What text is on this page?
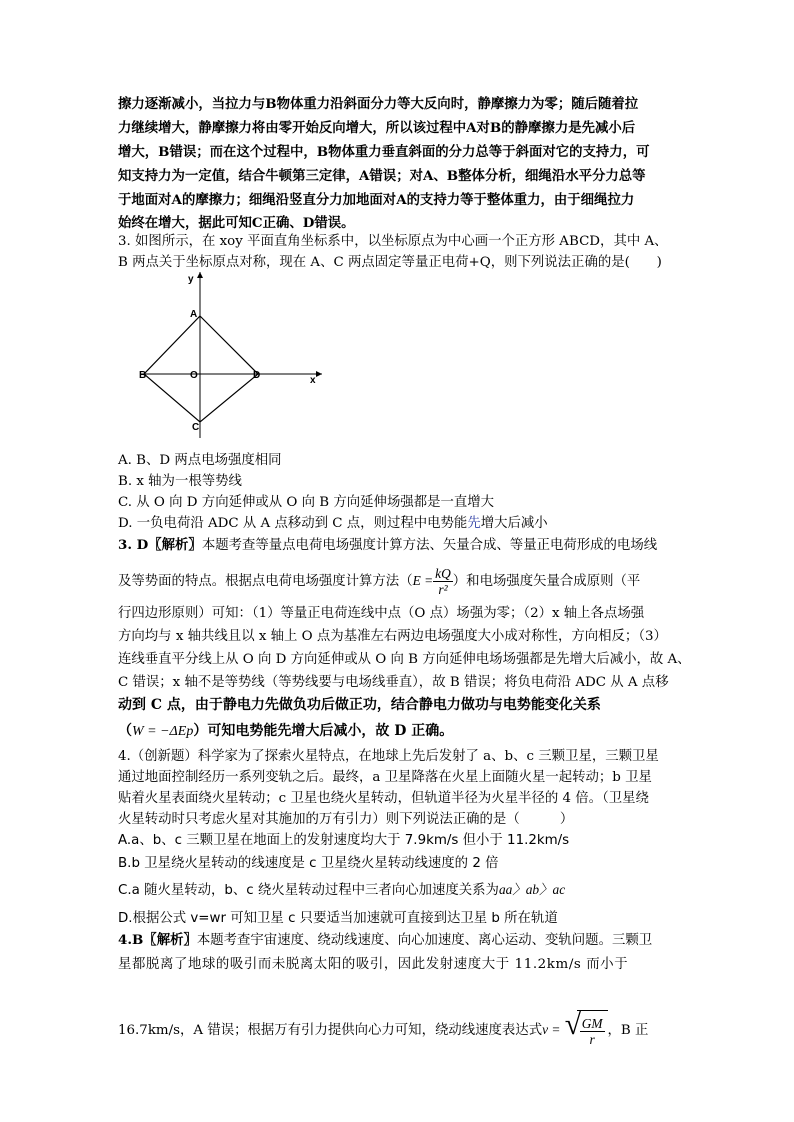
擦力逐渐减小，当拉力与B物体重力沿斜面分力等大反向时，静摩擦力为零；随后随着拉
力继续增大，静摩擦力将由零开始反向增大，所以该过程中A对B的静摩擦力是先减小后
增大，B错误；而在这个过程中，B物体重力垂直斜面的分力总等于斜面对它的支持力，可
知支持力为一定值，结合牛顿第三定律，A错误；对A、B整体分析，细绳沿水平分力总等
于地面对A的摩擦力；细绳沿竖直分力加地面对A的支持力等于整体重力，由于细绳拉力
始终在增大，据此可知C正确、D错误。
3. 如图所示，在 xoy 平面直角坐标系中，以坐标原点为中心画一个正方形 ABCD，其中 A、
B 两点关于坐标原点对称，现在 A、C 两点固定等量正电荷+Q，则下列说法正确的是(　　)
y
x
A
B	O	D
C
A. B、D 两点电场强度相同
B. x 轴为一根等势线
C. 从 O 向 D 方向延伸或从 O 向 B 方向延伸场强都是一直增大
D. 一负电荷沿 ADC 从 A 点移动到 C 点，则过程中电势能先增大后减小
3. D〖解析〗本题考查等量点电荷电场强度计算方法、矢量合成、等量正电荷形成的电场线
及等势面的特点。根据点电荷电场强度计算方法（$E = \frac{kQ}{\text{r²}}$ ）和电场强度矢量合成原则（平
行四边形原则）可知：（1）等量正电荷连线中点（O 点）场强为零；（2）x 轴上各点场强
方向均与 x 轴共线且以 x 轴上 O 点为基准左右两边电场强度大小成对称性，方向相反；（3）
连线垂直平分线上从 O 向 D 方向延伸或从 O 向 B 方向延伸电场场强都是先增大后减小，故 A、
C 错误；x 轴不是等势线（等势线要与电场线垂直），故 B 错误；将负电荷沿 ADC 从 A 点移
动到 C 点，由于静电力先做负功后做正功，结合静电力做功与电势能变化关系
（W = −ΔEp）可知电势能先增大后减小，故 D 正确。
4.（创新题）科学家为了探索火星特点，在地球上先后发射了 a、b、c 三颗卫星，三颗卫星
通过地面控制经历一系列变轨之后。最终，a 卫星降落在火星上面随火星一起转动；b 卫星
贴着火星表面绕火星转动；c 卫星也绕火星转动，但轨道半径为火星半径的 4 倍。（卫星绕
火星转动时只考虑火星对其施加的万有引力）则下列说法正确的是（　　　）
A.a、b、c 三颗卫星在地面上的发射速度均大于 7.9km/s 但小于 11.2km/s
B.b 卫星绕火星转动的线速度是 c 卫星绕火星转动线速度的 2 倍
C.a 随火星转动，b、c 绕火星转动过程中三者向心加速度关系为aa〉ab〉ac
D.根据公式 v=wr 可知卫星 c 只要适当加速就可直接到达卫星 b 所在轨道
4.B〖解析〗本题考查宇宙速度、绕动线速度、向心加速度、离心运动、变轨问题。三颗卫
星都脱离了地球的吸引而未脱离太阳的吸引，因此发射速度大于 11.2km/s 而小于
16.7km/s，A 错误；根据万有引力提供向心力可知，绕动线速度表达式v = √
$\frac{GM}{r}$ ，B 正
